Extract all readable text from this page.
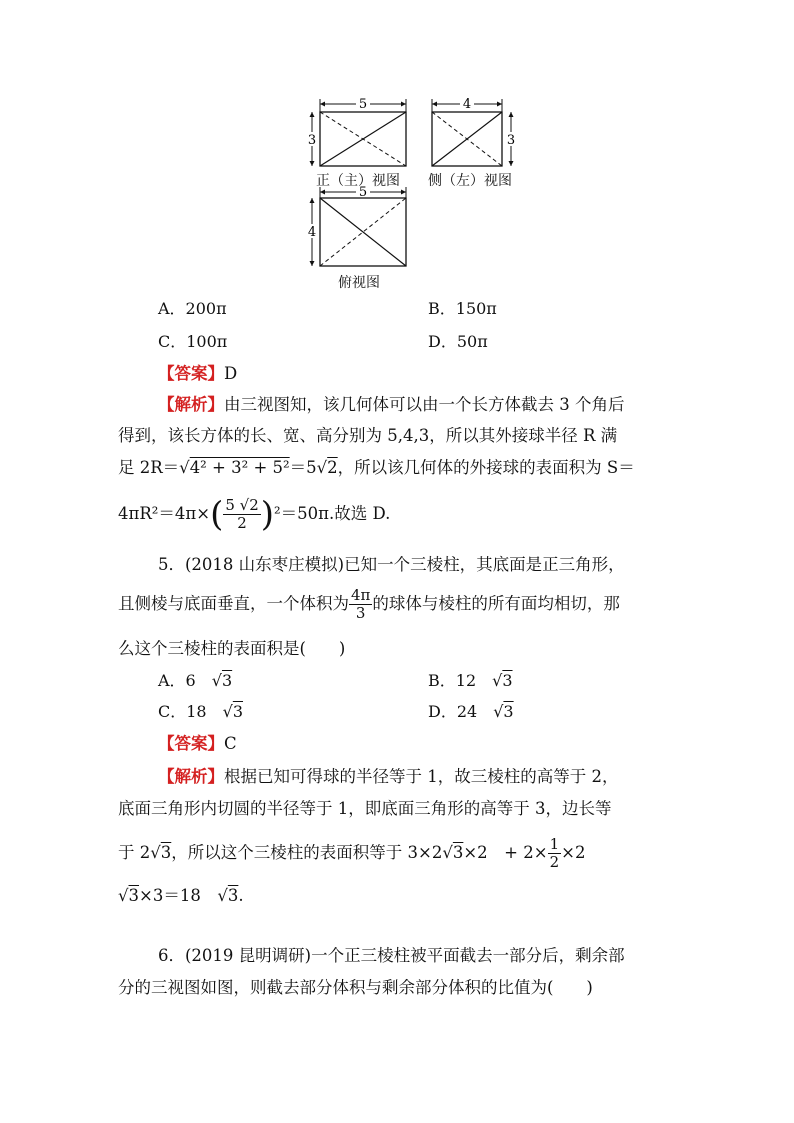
5
3
4
3
5
4
正（主）视图 侧（左）视图
俯视图
A．200π	B．150π
C．100π	D．50π
【答案】D
【解析】由三视图知，该几何体可以由一个长方体截去 3 个角后
得到，该长方体的长、宽、高分别为 5,4,3，所以其外接球半径 R 满
足 2R＝√4² + 3² + 5²＝5√2，所以该几何体的外接球的表面积为 S＝
$4\pi R^2=4\pi\times( \frac{5 √2}{2} )^2=50\pi$.故选 D.
5．(2018 山东枣庄模拟)已知一个三棱柱，其底面是正三角形，
且侧棱与底面垂直，一个体积为 $\frac{4\pi}{3}$ 的球体与棱柱的所有面均相切，那
么这个三棱柱的表面积是(　　)
A．6　 √3	B．12　 √3
C．18　 √3	D．24　 √3
【答案】C
【解析】根据已知可得球的半径等于 1，故三棱柱的高等于 2，
底面三角形内切圆的半径等于 1，即底面三角形的高等于 3，边长等
于 2√3，所以这个三棱柱的表面积等于 3×2√3×2　+ $2\times \frac{1}{2} \times 2$
√3×3＝18　 √3.
6．(2019 昆明调研)一个正三棱柱被平面截去一部分后，剩余部
分的三视图如图，则截去部分体积与剩余部分体积的比值为(　　)
